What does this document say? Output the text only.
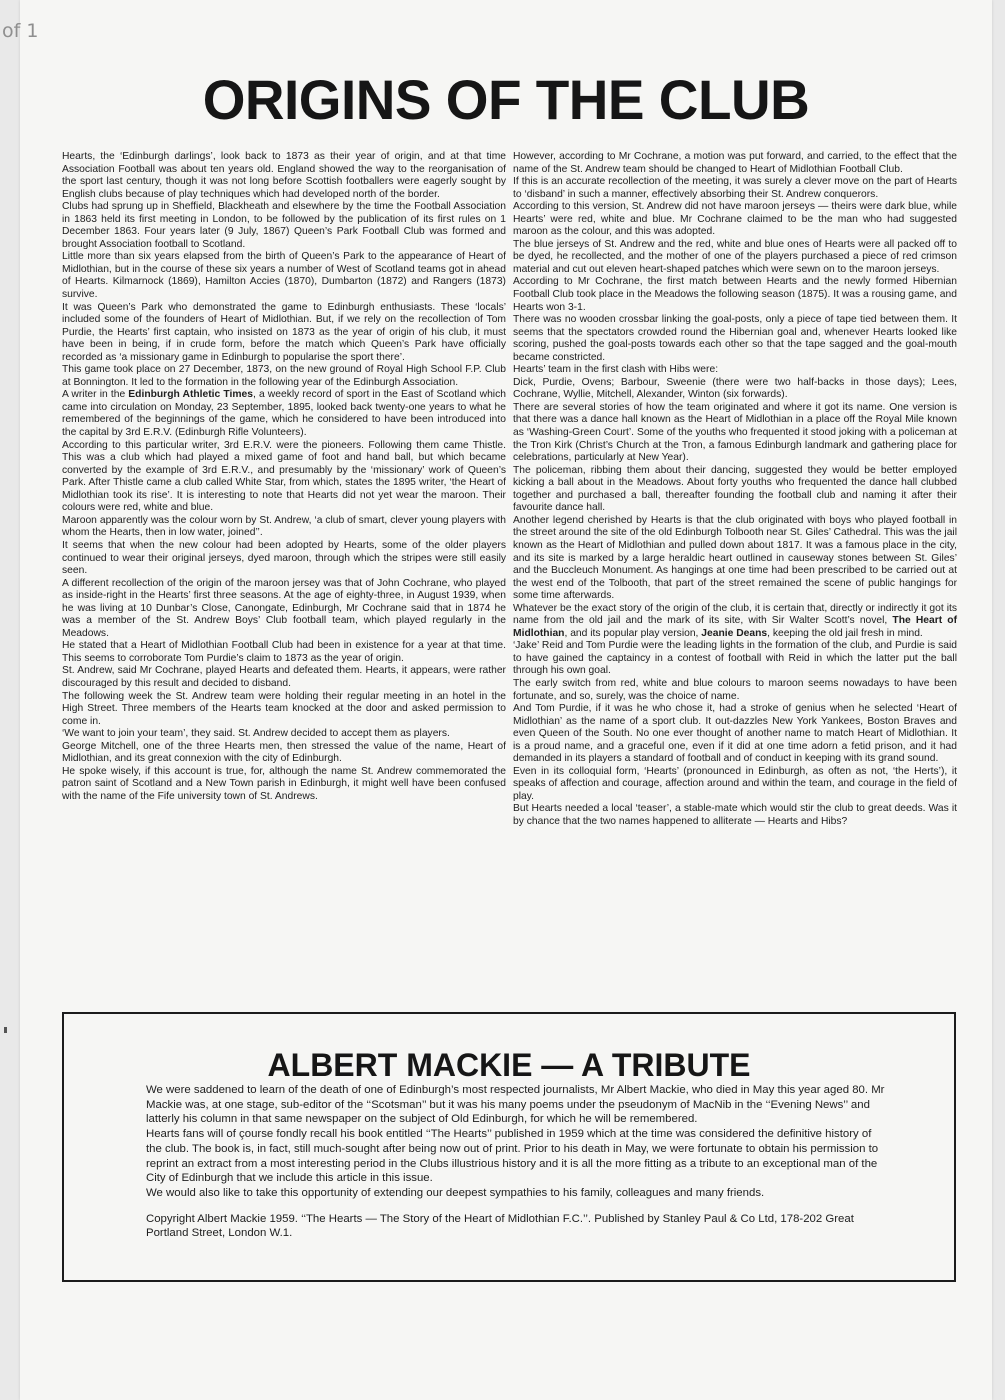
of 1
ORIGINS OF THE CLUB

Hearts, the ‘Edinburgh darlings’, look back to 1873 as their year of origin, and at that time Association Football was about ten years old. England showed the way to the reorganisation of the sport last century, though it was not long before Scottish footballers were eagerly sought by English clubs because of play techniques which had developed north of the border.

Clubs had sprung up in Sheffield, Blackheath and elsewhere by the time the Football Association in 1863 held its first meeting in London, to be followed by the publication of its first rules on 1 December 1863. Four years later (9 July, 1867) Queen’s Park Football Club was formed and brought Association football to Scotland.

Little more than six years elapsed from the birth of Queen’s Park to the appearance of Heart of Midlothian, but in the course of these six years a number of West of Scotland teams got in ahead of Hearts. Kilmarnock (1869), Hamilton Accies (1870), Dumbarton (1872) and Rangers (1873) survive.

It was Queen’s Park who demonstrated the game to Edinburgh enthusiasts. These ‘locals’ included some of the founders of Heart of Midlothian. But, if we rely on the recollection of Tom Purdie, the Hearts’ first captain, who insisted on 1873 as the year of origin of his club, it must have been in being, if in crude form, before the match which Queen’s Park have officially recorded as ‘a missionary game in Edinburgh to popularise the sport there’.

This game took place on 27 December, 1873, on the new ground of Royal High School F.P. Club at Bonnington. It led to the formation in the following year of the Edinburgh Association.

A writer in the Edinburgh Athletic Times, a weekly record of sport in the East of Scotland which came into circulation on Monday, 23 September, 1895, looked back twenty-one years to what he remembered of the beginnings of the game, which he considered to have been introduced into the capital by 3rd E.R.V. (Edinburgh Rifle Volunteers).

According to this particular writer, 3rd E.R.V. were the pioneers. Following them came Thistle. This was a club which had played a mixed game of foot and hand ball, but which became converted by the example of 3rd E.R.V., and presumably by the ‘missionary’ work of Queen’s Park. After Thistle came a club called White Star, from which, states the 1895 writer, ‘the Heart of Midlothian took its rise’. It is interesting to note that Hearts did not yet wear the maroon. Their colours were red, white and blue.

Maroon apparently was the colour worn by St. Andrew, ‘a club of smart, clever young players with whom the Hearts, then in low water, joined’’.

It seems that when the new colour had been adopted by Hearts, some of the older players continued to wear their original jerseys, dyed maroon, through which the stripes were still easily seen.

A different recollection of the origin of the maroon jersey was that of John Cochrane, who played as inside-right in the Hearts’ first three seasons. At the age of eighty-three, in August 1939, when he was living at 10 Dunbar’s Close, Canongate, Edinburgh, Mr Cochrane said that in 1874 he was a member of the St. Andrew Boys’ Club football team, which played regularly in the Meadows.

He stated that a Heart of Midlothian Football Club had been in existence for a year at that time. This seems to corroborate Tom Purdie’s claim to 1873 as the year of origin.

St. Andrew, said Mr Cochrane, played Hearts and defeated them. Hearts, it appears, were rather discouraged by this result and decided to disband.

The following week the St. Andrew team were holding their regular meeting in an hotel in the High Street. Three members of the Hearts team knocked at the door and asked permission to come in.

‘We want to join your team’, they said. St. Andrew decided to accept them as players.

George Mitchell, one of the three Hearts men, then stressed the value of the name, Heart of Midlothian, and its great connexion with the city of Edinburgh.

He spoke wisely, if this account is true, for, although the name St. Andrew commemorated the patron saint of Scotland and a New Town parish in Edinburgh, it might well have been confused with the name of the Fife university town of St. Andrews.

However, according to Mr Cochrane, a motion was put forward, and carried, to the effect that the name of the St. Andrew team should be changed to Heart of Midlothian Football Club.

If this is an accurate recollection of the meeting, it was surely a clever move on the part of Hearts to ‘disband’ in such a manner, effectively absorbing their St. Andrew conquerors.

According to this version, St. Andrew did not have maroon jerseys — theirs were dark blue, while Hearts’ were red, white and blue. Mr Cochrane claimed to be the man who had suggested maroon as the colour, and this was adopted.

The blue jerseys of St. Andrew and the red, white and blue ones of Hearts were all packed off to be dyed, he recollected, and the mother of one of the players purchased a piece of red crimson material and cut out eleven heart-shaped patches which were sewn on to the maroon jerseys.

According to Mr Cochrane, the first match between Hearts and the newly formed Hibernian Football Club took place in the Meadows the following season (1875). It was a rousing game, and Hearts won 3-1.

There was no wooden crossbar linking the goal-posts, only a piece of tape tied between them. It seems that the spectators crowded round the Hibernian goal and, whenever Hearts looked like scoring, pushed the goal-posts towards each other so that the tape sagged and the goal-mouth became constricted.

Hearts’ team in the first clash with Hibs were:

Dick, Purdie, Ovens; Barbour, Sweenie (there were two half-backs in those days); Lees, Cochrane, Wyllie, Mitchell, Alexander, Winton (six forwards).

There are several stories of how the team originated and where it got its name. One version is that there was a dance hall known as the Heart of Midlothian in a place off the Royal Mile known as ‘Washing-Green Court’. Some of the youths who frequented it stood joking with a policeman at the Tron Kirk (Christ’s Church at the Tron, a famous Edinburgh landmark and gathering place for celebrations, particularly at New Year).

The policeman, ribbing them about their dancing, suggested they would be better employed kicking a ball about in the Meadows. About forty youths who frequented the dance hall clubbed together and purchased a ball, thereafter founding the football club and naming it after their favourite dance hall.

Another legend cherished by Hearts is that the club originated with boys who played football in the street around the site of the old Edinburgh Tolbooth near St. Giles’ Cathedral. This was the jail known as the Heart of Midlothian and pulled down about 1817. It was a famous place in the city, and its site is marked by a large heraldic heart outlined in causeway stones between St. Giles’ and the Buccleuch Monument. As hangings at one time had been prescribed to be carried out at the west end of the Tolbooth, that part of the street remained the scene of public hangings for some time afterwards.

Whatever be the exact story of the origin of the club, it is certain that, directly or indirectly it got its name from the old jail and the mark of its site, with Sir Walter Scott’s novel, The Heart of Midlothian, and its popular play version, Jeanie Deans, keeping the old jail fresh in mind.

‘Jake’ Reid and Tom Purdie were the leading lights in the formation of the club, and Purdie is said to have gained the captaincy in a contest of football with Reid in which the latter put the ball through his own goal.

The early switch from red, white and blue colours to maroon seems nowadays to have been fortunate, and so, surely, was the choice of name.

And Tom Purdie, if it was he who chose it, had a stroke of genius when he selected ‘Heart of Midlothian’ as the name of a sport club. It out-dazzles New York Yankees, Boston Braves and even Queen of the South. No one ever thought of another name to match Heart of Midlothian. It is a proud name, and a graceful one, even if it did at one time adorn a fetid prison, and it had demanded in its players a standard of football and of conduct in keeping with its grand sound.

Even in its colloquial form, ‘Hearts’ (pronounced in Edinburgh, as often as not, ‘the Herts’), it speaks of affection and courage, affection around and within the team, and courage in the field of play.

But Hearts needed a local ‘teaser’, a stable-mate which would stir the club to great deeds. Was it by chance that the two names happened to alliterate — Hearts and Hibs?

ALBERT MACKIE — A TRIBUTE

We were saddened to learn of the death of one of Edinburgh’s most respected journalists, Mr Albert Mackie, who died in May this year aged 80. Mr Mackie was, at one stage, sub-editor of the ‘‘Scotsman’’ but it was his many poems under the pseudonym of MacNib in the ‘‘Evening News’’ and latterly his column in that same newspaper on the subject of Old Edinburgh, for which he will be remembered.

Hearts fans will of çourse fondly recall his book entitled ‘‘The Hearts’’ published in 1959 which at the time was considered the definitive history of the club. The book is, in fact, still much-sought after being now out of print. Prior to his death in May, we were fortunate to obtain his permission to reprint an extract from a most interesting period in the Clubs illustrious history and it is all the more fitting as a tribute to an exceptional man of the City of Edinburgh that we include this article in this issue.

We would also like to take this opportunity of extending our deepest sympathies to his family, colleagues and many friends.

Copyright Albert Mackie 1959. ‘‘The Hearts — The Story of the Heart of Midlothian F.C.’’. Published by Stanley Paul & Co Ltd, 178-202 Great Portland Street, London W.1.
